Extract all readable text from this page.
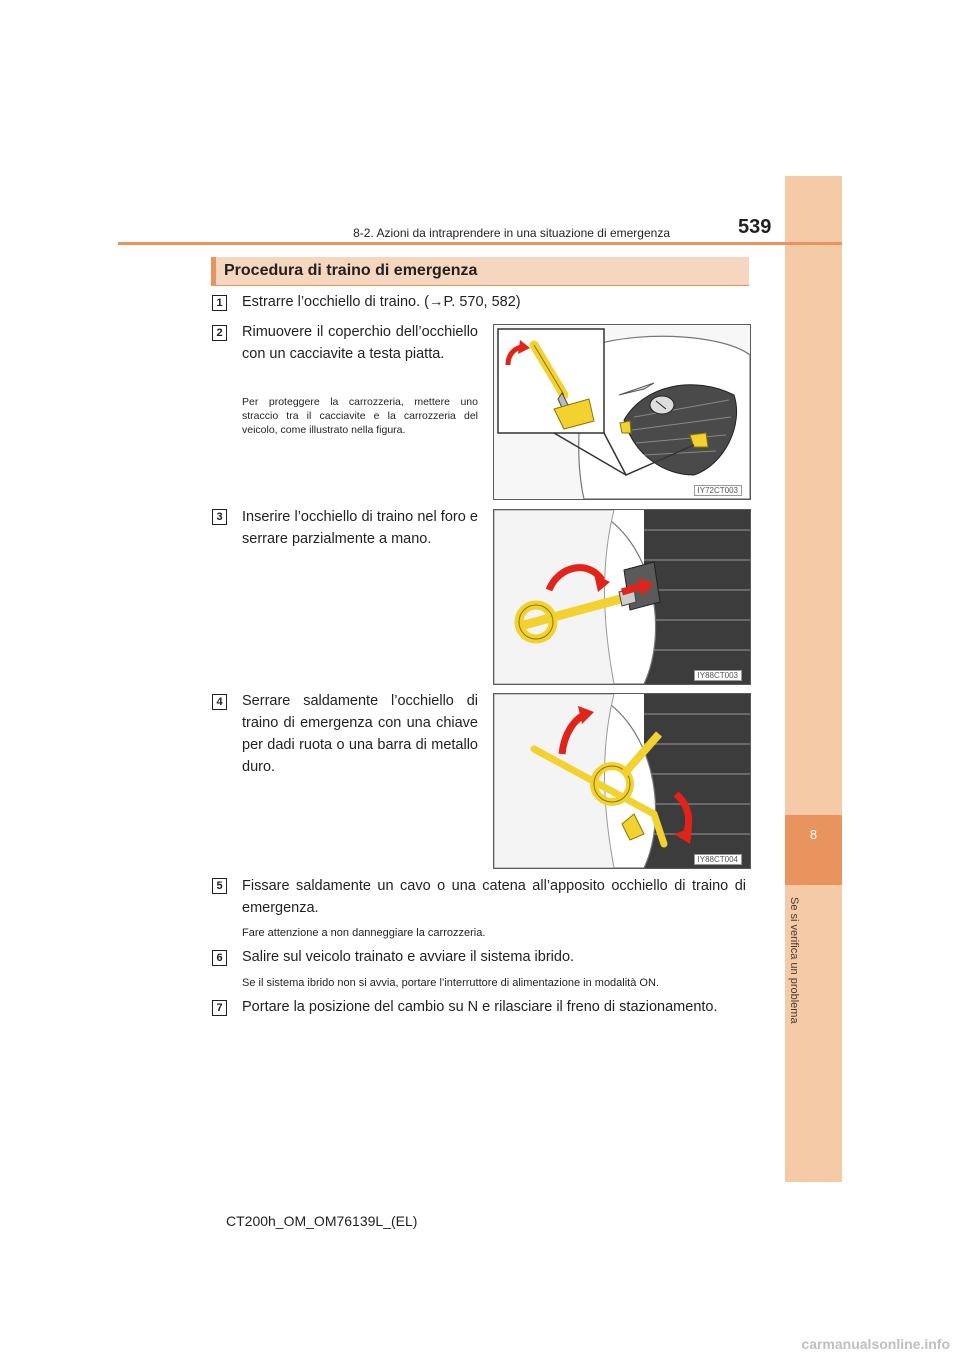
8
Se si verifica un problema
8-2. Azioni da intraprendere in una situazione di emergenza	539
Procedura di traino di emergenza
1	Estrarre l’occhiello di traino. (→P. 570, 582)
2	Rimuovere il coperchio dell’occhiello con un cacciavite a testa piatta.
Per proteggere la carrozzeria, mettere uno straccio tra il cacciavite e la carrozzeria del veicolo, come illustrato nella figura.
IY72CT003
3	Inserire l’occhiello di traino nel foro e serrare parzialmente a mano.
IY88CT003
4	Serrare saldamente l’occhiello di traino di emergenza con una chiave per dadi ruota o una barra di metallo duro.
IY88CT004
5	Fissare saldamente un cavo o una catena all’apposito occhiello di traino di emergenza.
Fare attenzione a non danneggiare la carrozzeria.
6	Salire sul veicolo trainato e avviare il sistema ibrido.
Se il sistema ibrido non si avvia, portare l’interruttore di alimentazione in modalità ON.
7	Portare la posizione del cambio su N e rilasciare il freno di stazionamento.
CT200h_OM_OM76139L_(EL)
carmanualsonline.info
